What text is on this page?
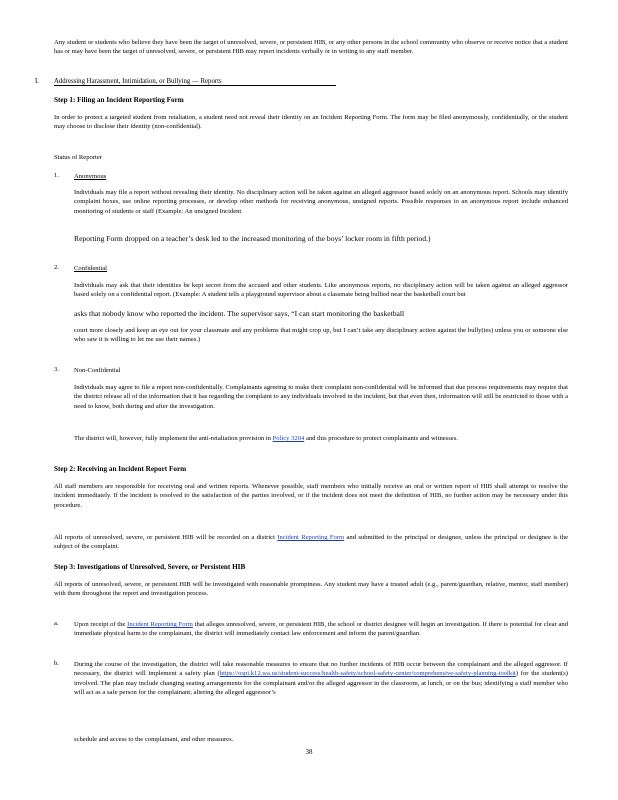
Any student or students who believe they have been the target of unresolved, severe, or persistent HIB, or any other persons in the school community who observe or receive notice that a student has or may have been the target of unresolved, severe, or persistent HIB may report incidents verbally or in writing to any staff member.
I. Addressing Harassment, Intimidation, or Bullying — Reports
Step 1: Filing an Incident Reporting Form
In order to protect a targeted student from retaliation, a student need not reveal their identity on an Incident Reporting Form. The form may be filed anonymously, confidentially, or the student may choose to disclose their identity (non-confidential).
Status of Reporter
1. Anonymous
Individuals may file a report without revealing their identity. No disciplinary action will be taken against an alleged aggressor based solely on an anonymous report. Schools may identify complaint boxes, use online reporting processes, or develop other methods for receiving anonymous, unsigned reports. Possible responses to an anonymous report include enhanced monitoring of students or staff (Example: An unsigned Incident
Reporting Form dropped on a teacher’s desk led to the increased monitoring of the boys’ locker room in fifth period.)
2. Confidential
Individuals may ask that their identities be kept secret from the accused and other students. Like anonymous reports, no disciplinary action will be taken against an alleged aggressor based solely on a confidential report. (Example: A student tells a playground supervisor about a classmate being bullied near the basketball court but
asks that nobody know who reported the incident. The supervisor says, “I can start monitoring the basketball
court more closely and keep an eye out for your classmate and any problems that might crop up, but I can’t take any disciplinary action against the bully(ies) unless you or someone else who saw it is willing to let me use their names.)
3. Non-Confidential
Individuals may agree to file a report non-confidentially. Complainants agreeing to make their complaint non-confidential will be informed that due process requirements may require that the district release all of the information that it has regarding the complaint to any individuals involved in the incident, but that even then, information will still be restricted to those with a need to know, both during and after the investigation.
The district will, however, fully implement the anti-retaliation provision in Policy 3204 and this procedure to protect complainants and witnesses.
Step 2: Receiving an Incident Report Form
All staff members are responsible for receiving oral and written reports. Whenever possible, staff members who initially receive an oral or written report of HIB shall attempt to resolve the incident immediately. If the incident is resolved to the satisfaction of the parties involved, or if the incident does not meet the definition of HIB, no further action may be necessary under this procedure.
All reports of unresolved, severe, or persistent HIB will be recorded on a district Incident Reporting Form and submitted to the principal or designee, unless the principal or designee is the subject of the complaint.
Step 3: Investigations of Unresolved, Severe, or Persistent HIB
All reports of unresolved, severe, or persistent HIB will be investigated with reasonable promptness. Any student may have a trusted adult (e.g., parent/guardian, relative, mentor, staff member) with them throughout the report and investigation process.
a. Upon receipt of the Incident Reporting Form that alleges unresolved, severe, or persistent HIB, the school or district designee will begin an investigation. If there is potential for clear and immediate physical harm to the complainant, the district will immediately contact law enforcement and inform the parent/guardian.
b. During the course of the investigation, the district will take reasonable measures to ensure that no further incidents of HIB occur between the complainant and the alleged aggressor. If necessary, the district will implement a safety plan (https://ospi.k12.wa.us/student-success/health-safety/school-safety-center/comprehensive-safety-planning-toolkit) for the student(s) involved. The plan may include changing seating arrangements for the complainant and/or the alleged aggressor in the classroom, at lunch, or on the bus; identifying a staff member who will act as a safe person for the complainant; altering the alleged aggressor’s
schedule and access to the complainant, and other measures.
38
